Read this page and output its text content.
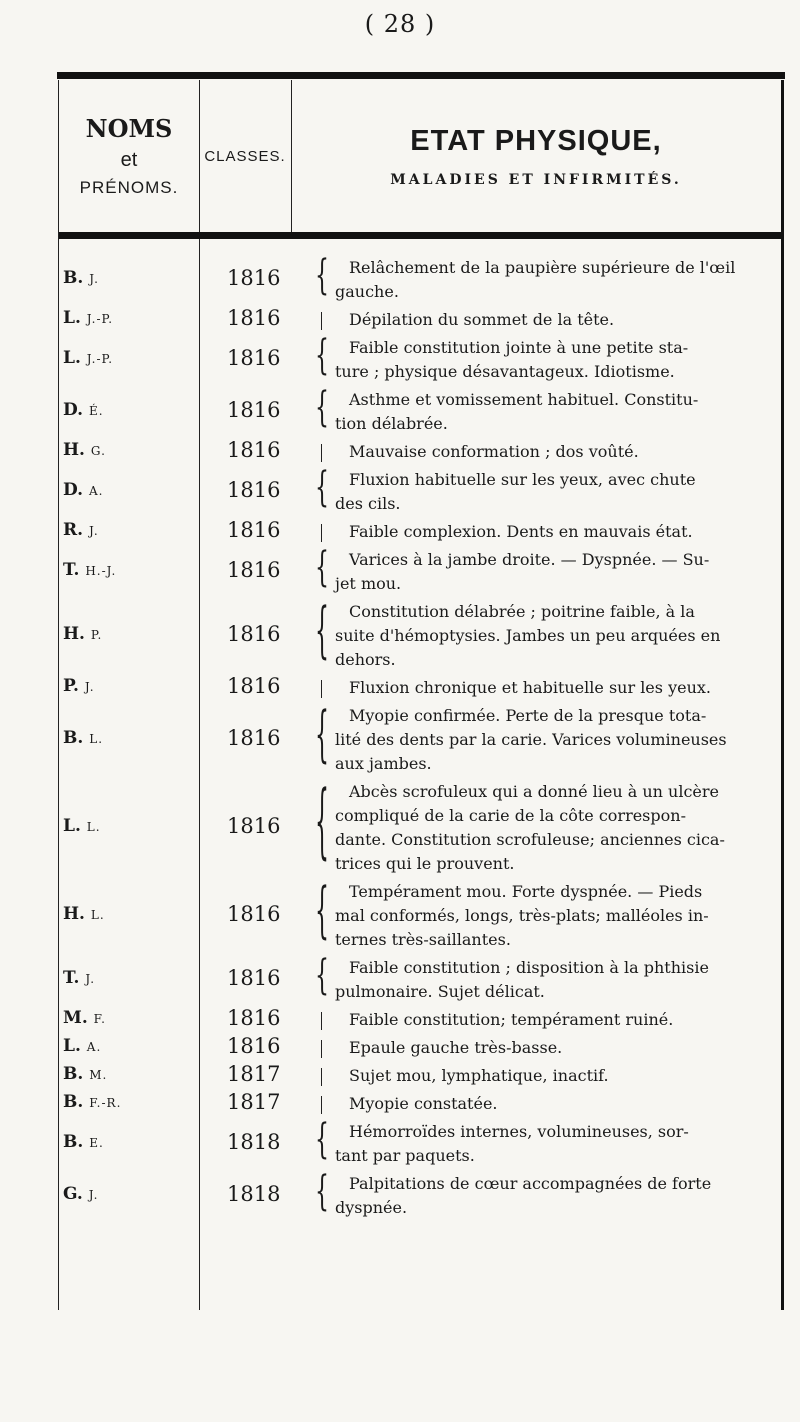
( 28 )
NOMS
et
PRÉNOMS.
CLASSES.	ETAT PHYSIQUE,
MALADIES ET INFIRMITÉS.
{
B. J.	1816	Relâchement de la paupière supérieure de l'œil
gauche.
L. J.-P.	1816	Dépilation du sommet de la tête.
{
L. J.-P.	1816	Faible constitution jointe à une petite sta-
ture ; physique désavantageux. Idiotisme.
{
D. É.	1816	Asthme et vomissement habituel. Constitu-
tion délabrée.
H. G.	1816	Mauvaise conformation ; dos voûté.
{
D. A.	1816	Fluxion habituelle sur les yeux, avec chute
des cils.
R. J.	1816	Faible complexion. Dents en mauvais état.
{
T. H.-J.	1816	Varices à la jambe droite. — Dyspnée. — Su-
jet mou.
{
H. P.	1816
Constitution délabrée ; poitrine faible, à la
suite d'hémoptysies. Jambes un peu arquées en
dehors.
P. J.	1816	Fluxion chronique et habituelle sur les yeux.
{
B. L.	1816
Myopie confirmée. Perte de la presque tota-
lité des dents par la carie. Varices volumineuses
aux jambes.
{
L. L.	1816
Abcès scrofuleux qui a donné lieu à un ulcère
compliqué de la carie de la côte correspon-
dante. Constitution scrofuleuse; anciennes cica-
trices qui le prouvent.
{
H. L.	1816
Tempérament mou. Forte dyspnée. — Pieds
mal conformés, longs, très-plats; malléoles in-
ternes très-saillantes.
{
T. J.	1816	Faible constitution ; disposition à la phthisie
pulmonaire. Sujet délicat.
M. F.	1816	Faible constitution; tempérament ruiné.
L. A.	1816	Epaule gauche très-basse.
B. M.	1817	Sujet mou, lymphatique, inactif.
B. F.-R.	1817	Myopie constatée.
{
B. E.	1818	Hémorroïdes internes, volumineuses, sor-
tant par paquets.
{
G. J.	1818	Palpitations de cœur accompagnées de forte
dyspnée.
